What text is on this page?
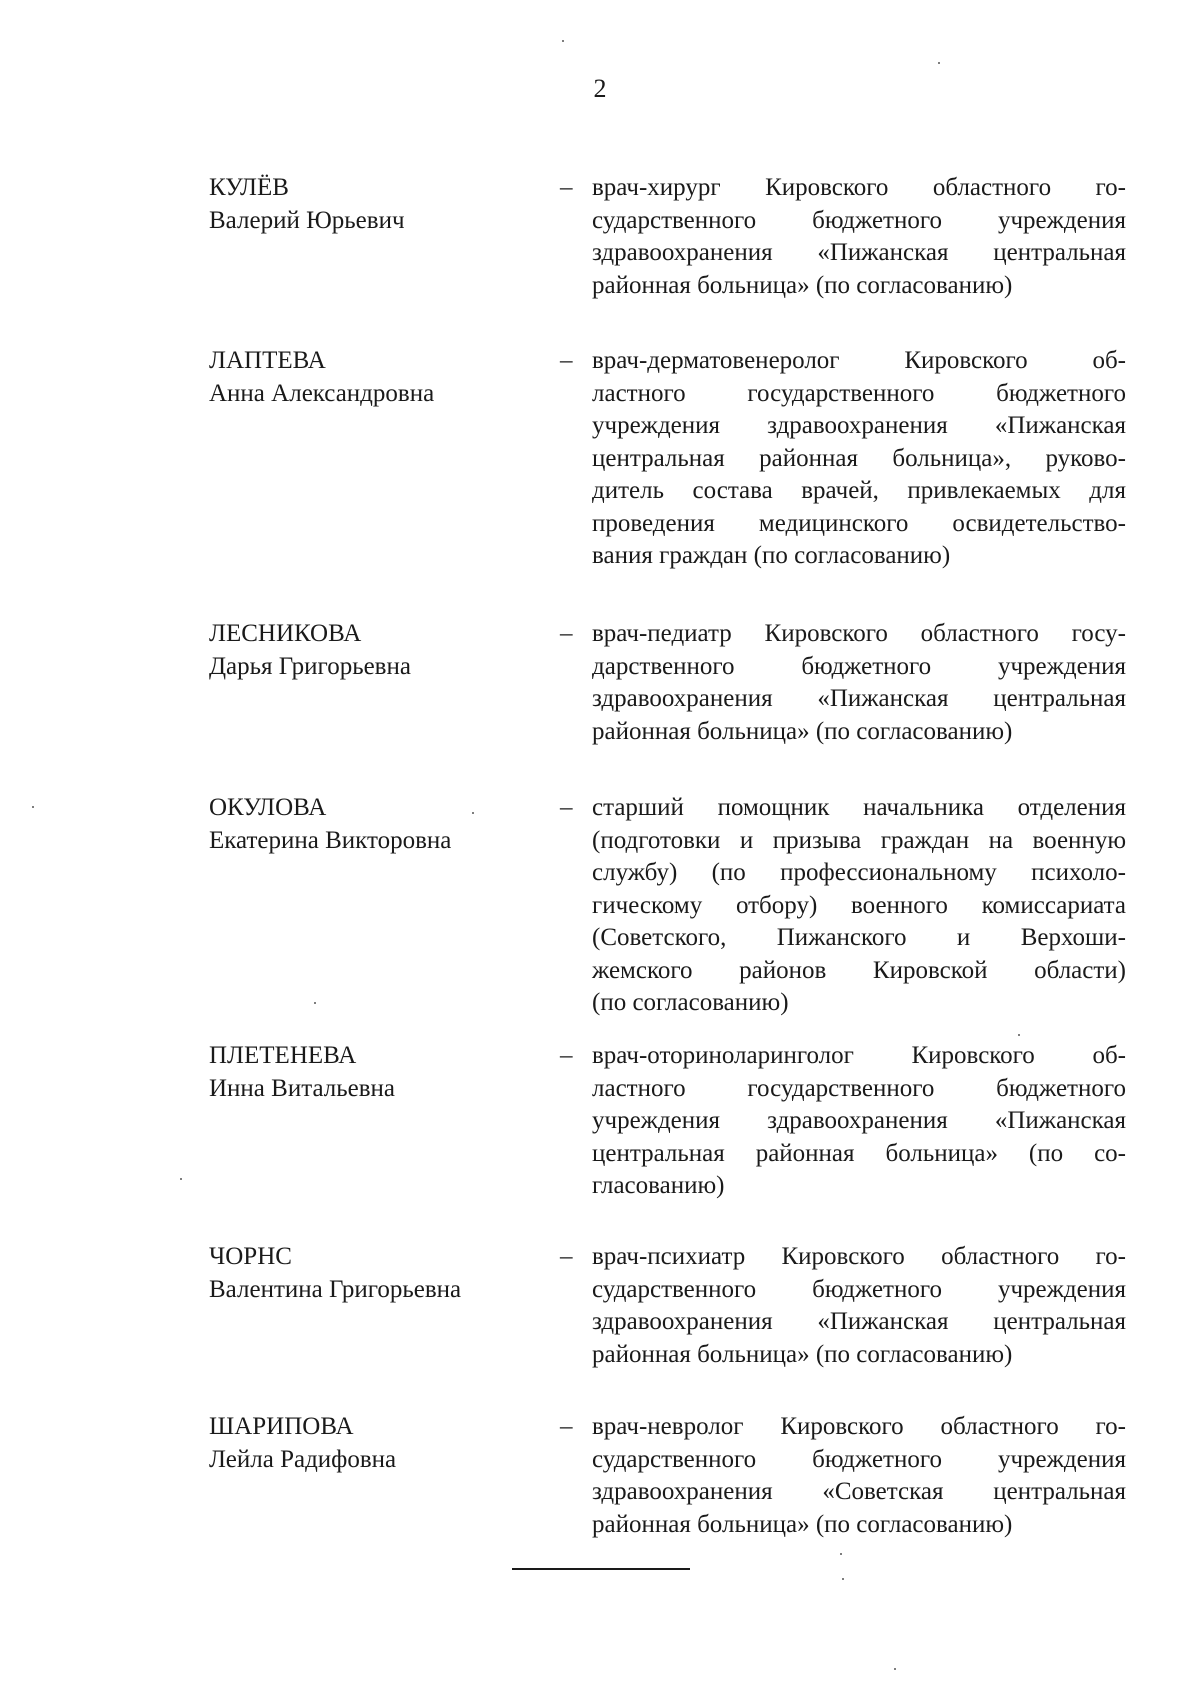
2
КУЛЁВ
Валерий Юрьевич
– врач-хирург Кировского областного го-
сударственного бюджетного учреждения
здравоохранения «Пижанская центральная
районная больница» (по согласованию)
ЛАПТЕВА
Анна Александровна
– врач-дерматовенеролог Кировского об-
ластного государственного бюджетного
учреждения здравоохранения «Пижанская
центральная районная больница», руково-
дитель состава врачей, привлекаемых для
проведения медицинского освидетельство-
вания граждан (по согласованию)
ЛЕСНИКОВА
Дарья Григорьевна
– врач-педиатр Кировского областного госу-
дарственного бюджетного учреждения
здравоохранения «Пижанская центральная
районная больница» (по согласованию)
ОКУЛОВА
Екатерина Викторовна
– старший помощник начальника отделения
(подготовки и призыва граждан на военную
службу) (по профессиональному психоло-
гическому отбору) военного комиссариата
(Советского, Пижанского и Верхоши-
жемского районов Кировской области)
(по согласованию)
ПЛЕТЕНЕВА
Инна Витальевна
– врач-оториноларинголог Кировского об-
ластного государственного бюджетного
учреждения здравоохранения «Пижанская
центральная районная больница» (по со-
гласованию)
ЧОРНС
Валентина Григорьевна
– врач-психиатр Кировского областного го-
сударственного бюджетного учреждения
здравоохранения «Пижанская центральная
районная больница» (по согласованию)
ШАРИПОВА
Лейла Радифовна
– врач-невролог Кировского областного го-
сударственного бюджетного учреждения
здравоохранения «Советская центральная
районная больница» (по согласованию)
